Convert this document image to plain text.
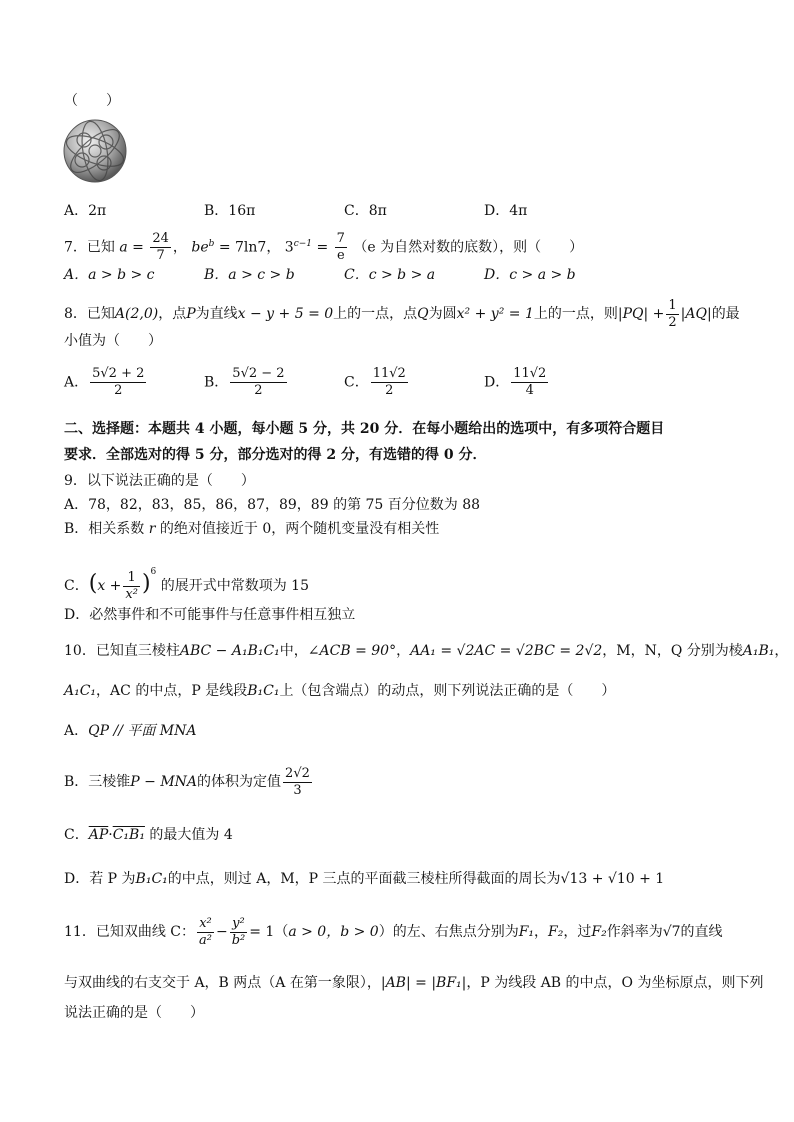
（　　）
A．2π	B．16π	C．8π	D．4π
7．已知 $a = \frac{24}{7}$ ， $be^b = 7\ln 7$， $3^{c-1} = \frac{7}{e} (e$ 为自然对数的底数），则（　　）
A．a > b > c	B．a > c > b	C．c > b > a	D．c > a > b
8．已知A(2,0)，点P为直线x − y + 5 = 0上的一点，点Q为圆x² + y² = 1上的一点，则$|PQ| + \frac{1}{2} |AQ|$的最
小值为（　　）
A． $\frac{5√2 + 2}{2}$	B． $\frac{5√2 - 2}{2}$	C． $\frac{11√2}{2}$	D． $\frac{11√2}{4}$
二、选择题：本题共 4 小题，每小题 5 分，共 20 分．在每小题给出的选项中，有多项符合题目
要求．全部选对的得 5 分，部分选对的得 2 分，有选错的得 0 分．
9．以下说法正确的是（　　）
A．78，82，83，85，86，87，89，89 的第 75 百分位数为 88
B．相关系数 r 的绝对值接近于 0，两个随机变量没有相关性
C．$(x + \frac{1}{\text{x²}} )^6$ 的展开式中常数项为 15
D．必然事件和不可能事件与任意事件相互独立
10．已知直三棱柱ABC − A₁B₁C₁中，∠ACB = 90°，AA₁ = √2AC = √2BC = 2√2，M，N，Q 分别为棱A₁B₁，
A₁C₁，AC 的中点，P 是线段B₁C₁上（包含端点）的动点，则下列说法正确的是（　　）
A．QP // 平面 MNA
B．三棱锥P − MNA的体积为定值 $\frac{2√2}{3}$
C．$\overline{AP}\cdot C_1B_1$ 的最大值为 4
D．若 P 为B₁C₁的中点，则过 A，M，P 三点的平面截三棱柱所得截面的周长为√13 + √10 + 1
11．已知双曲线 C： $\frac{\text{x²}}{\text{a²}} - \frac{\text{y²}}{\text{b²}} = 1(a > 0$，b > 0）的左、右焦点分别为F₁，F₂，过F₂作斜率为√7的直线
与双曲线的右支交于 A，B 两点（A 在第一象限），|AB| = |BF₁|，P 为线段 AB 的中点，O 为坐标原点，则下列
说法正确的是（　　）
